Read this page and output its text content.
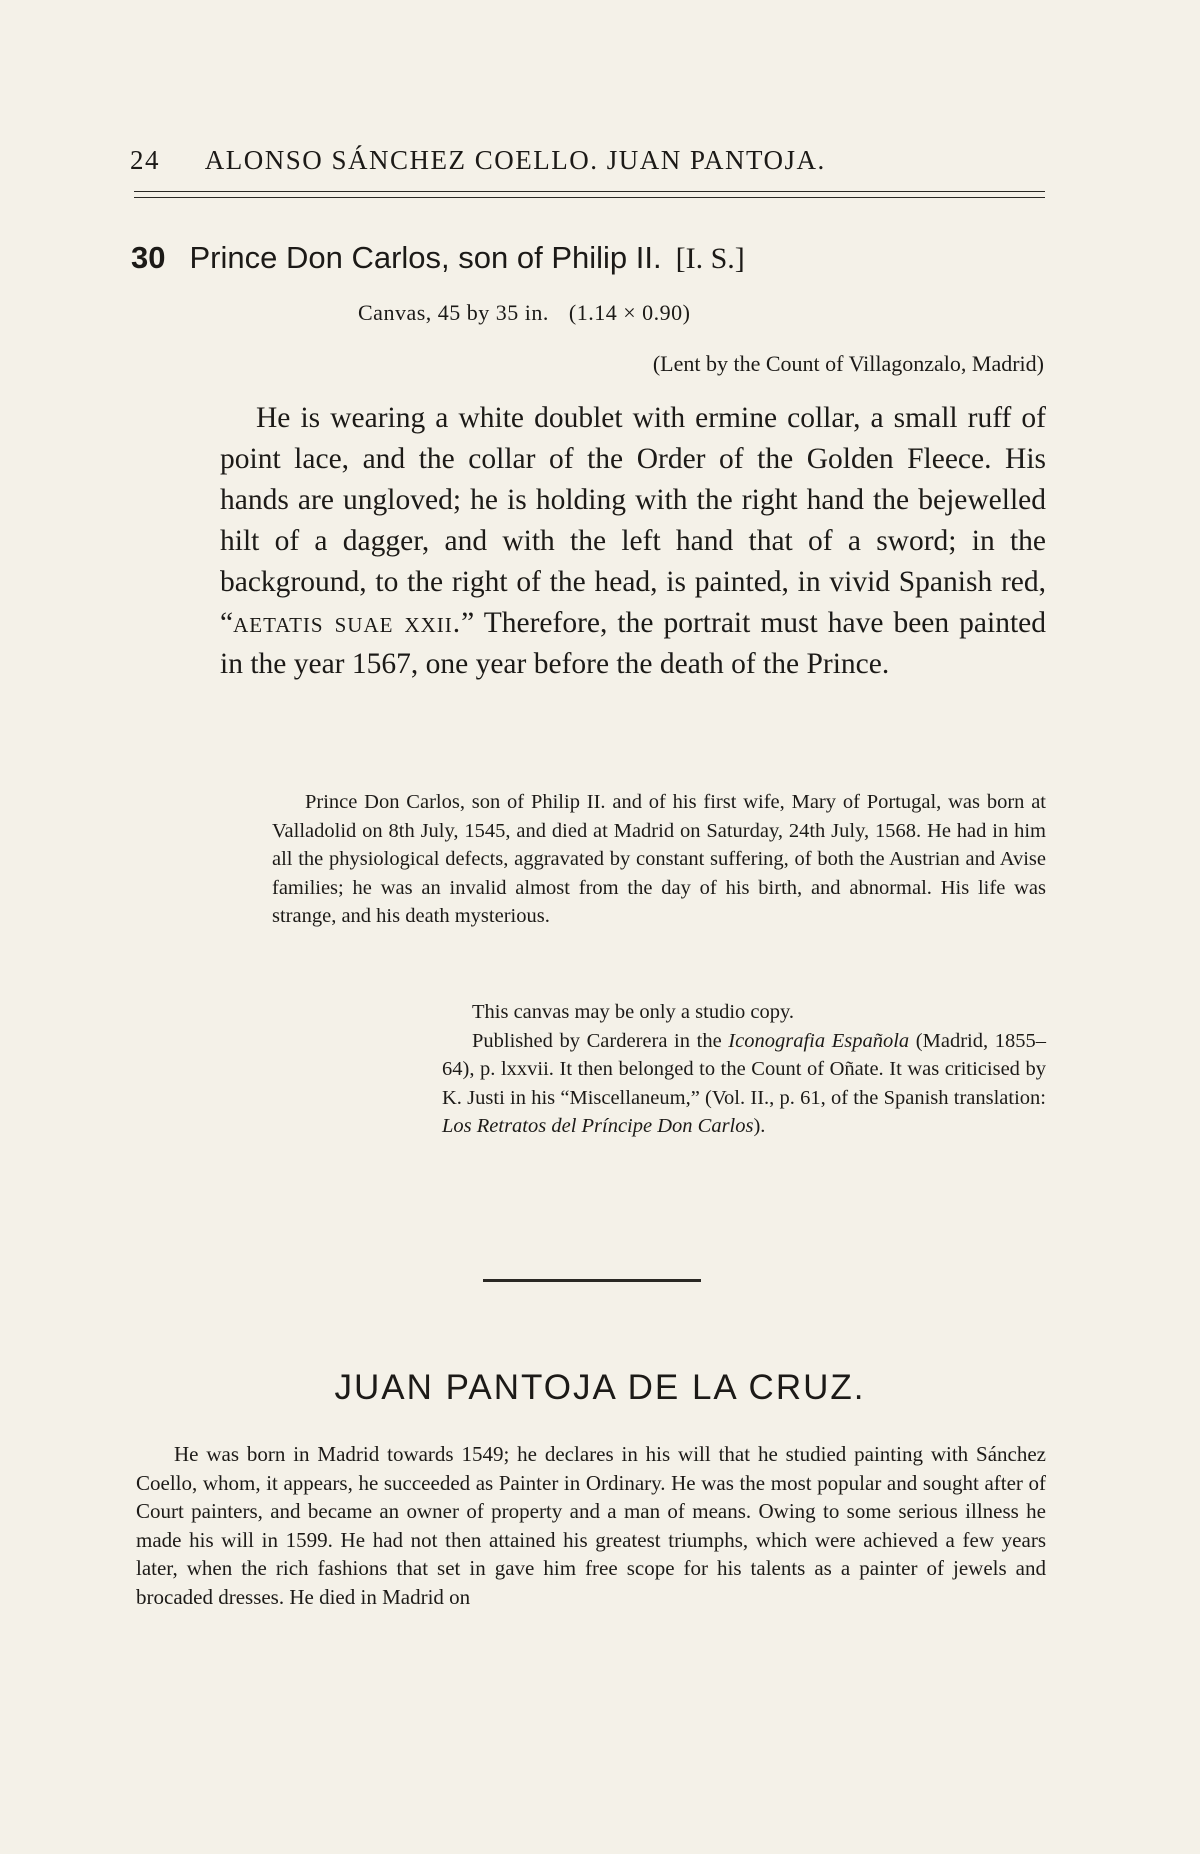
24 ALONSO SÁNCHEZ COELLO. JUAN PANTOJA.
30 Prince Don Carlos, son of Philip II. [I. S.]
Canvas, 45 by 35 in. (1.14 × 0.90)
(Lent by the Count of Villagonzalo, Madrid)
He is wearing a white doublet with ermine collar, a small ruff of point lace, and the collar of the Order of the Golden Fleece. His hands are ungloved; he is holding with the right hand the bejewelled hilt of a dagger, and with the left hand that of a sword; in the background, to the right of the head, is painted, in vivid Spanish red, “aetatis suae xxii.” Therefore, the portrait must have been painted in the year 1567, one year before the death of the Prince.
Prince Don Carlos, son of Philip II. and of his first wife, Mary of Portugal, was born at Valladolid on 8th July, 1545, and died at Madrid on Saturday, 24th July, 1568. He had in him all the physiological defects, aggravated by constant suffering, of both the Austrian and Avise families; he was an invalid almost from the day of his birth, and abnormal. His life was strange, and his death mysterious.

This canvas may be only a studio copy.

Published by Carderera in the Iconografia Española (Madrid, 1855–64), p. lxxvii. It then belonged to the Count of Oñate. It was criticised by K. Justi in his “Miscellaneum,” (Vol. II., p. 61, of the Spanish translation: Los Retratos del Príncipe Don Carlos).

JUAN PANTOJA DE LA CRUZ.
He was born in Madrid towards 1549; he declares in his will that he studied painting with Sánchez Coello, whom, it appears, he succeeded as Painter in Ordinary. He was the most popular and sought after of Court painters, and became an owner of property and a man of means. Owing to some serious illness he made his will in 1599. He had not then attained his greatest triumphs, which were achieved a few years later, when the rich fashions that set in gave him free scope for his talents as a painter of jewels and brocaded dresses. He died in Madrid on
